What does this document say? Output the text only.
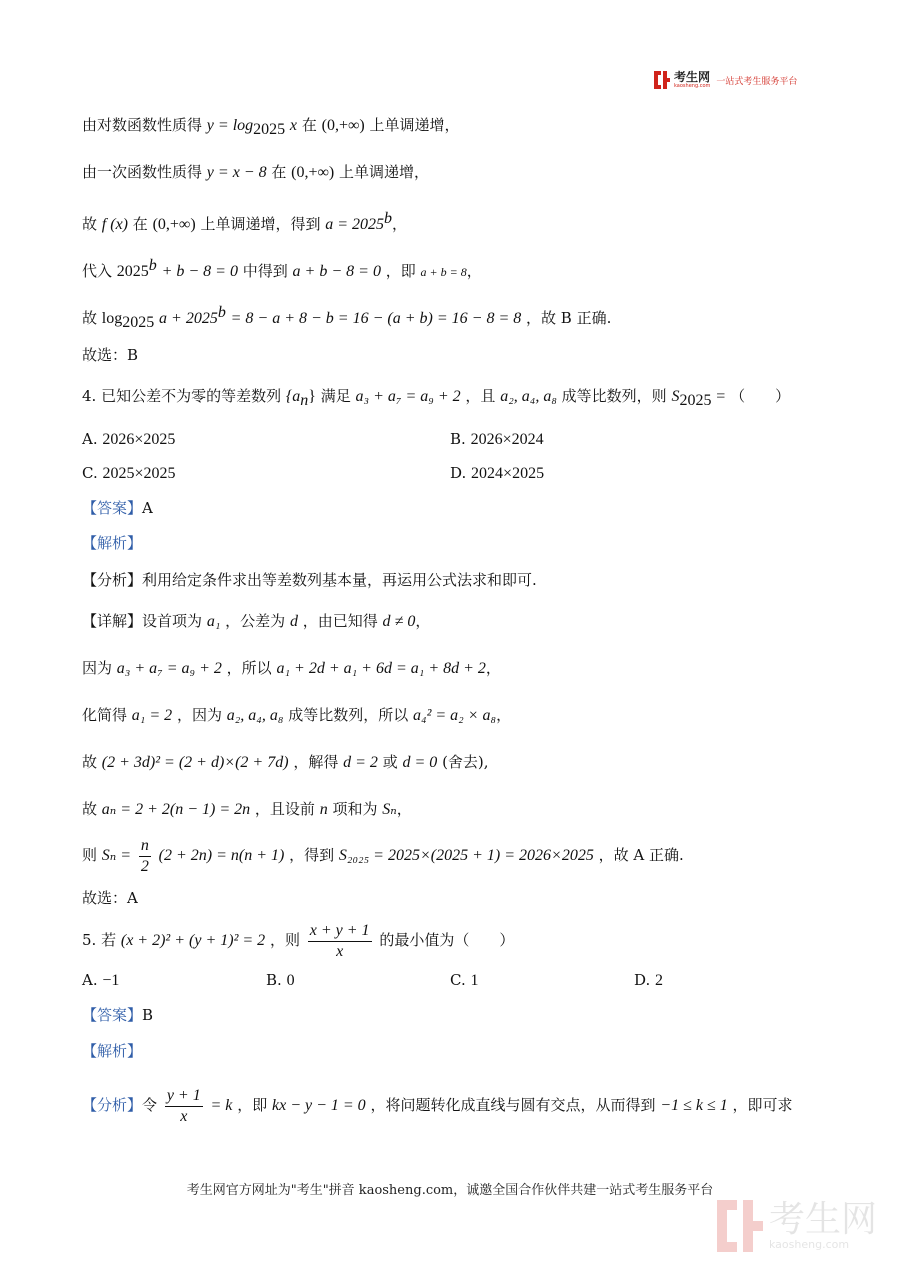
考生网
kaosheng.com 一站式考生服务平台
由对数函数性质得 $y = \log_{2025} x$ 在 (0,+∞) 上单调递增，
由一次函数性质得 y = x − 8 在 (0,+∞) 上单调递增，
故 f (x) 在 (0,+∞) 上单调递增，得到 $a = 2025^b$，
代入 $2025^b + b - 8 = 0$ 中得到 a + b − 8 = 0 ，即 a + b = 8，
故 $\log_{2025} a + 2025^b = 8 - a + 8 - b = 16 - (a + b) = 16 - 8 = 8$ ，故 B 正确.
故选：B
4. 已知公差不为零的等差数列 $\{a_n\}$ 满足 a₃ + a₇ = a₉ + 2 ，且 a₂, a₄, a₈ 成等比数列，则 $S_{2025}$ = （　　）
A. 2026×2025	B. 2026×2024
C. 2025×2025	D. 2024×2025
【答案】A
【解析】
【分析】利用给定条件求出等差数列基本量，再运用公式法求和即可.
【详解】设首项为 a₁ ，公差为 d ，由已知得 d ≠ 0，
因为 a₃ + a₇ = a₉ + 2 ，所以 a₁ + 2d + a₁ + 6d = a₁ + 8d + 2，
化简得 a₁ = 2 ，因为 a₂, a₄, a₈ 成等比数列，所以 a₄² = a₂ × a₈，
故 (2 + 3d)² = (2 + d)×(2 + 7d) ，解得 d = 2 或 d = 0 (舍去),
故 aₙ = 2 + 2(n − 1) = 2n ，且设前 n 项和为 Sₙ，
则 $S_n = \frac{n}{2} (2 + 2n) = n(n + 1)$ ，得到 S₂₀₂₅ = 2025×(2025 + 1) = 2026×2025 ，故 A 正确.
故选：A
5. 若 (x + 2)² + (y + 1)² = 2 ，则 $\frac{x + y + 1}{x}$ 的最小值为（　　）
A. −1	B. 0	C. 1	D. 2
【答案】B
【解析】
【分析】令 $\frac{y + 1}{x} = k$ ，即 kx − y − 1 = 0 ，将问题转化成直线与圆有交点，从而得到 −1 ≤ k ≤ 1 ，即可求
考生网官方网址为"考生"拼音 kaosheng.com，诚邀全国合作伙伴共建一站式考生服务平台
考生网
kaosheng.com
